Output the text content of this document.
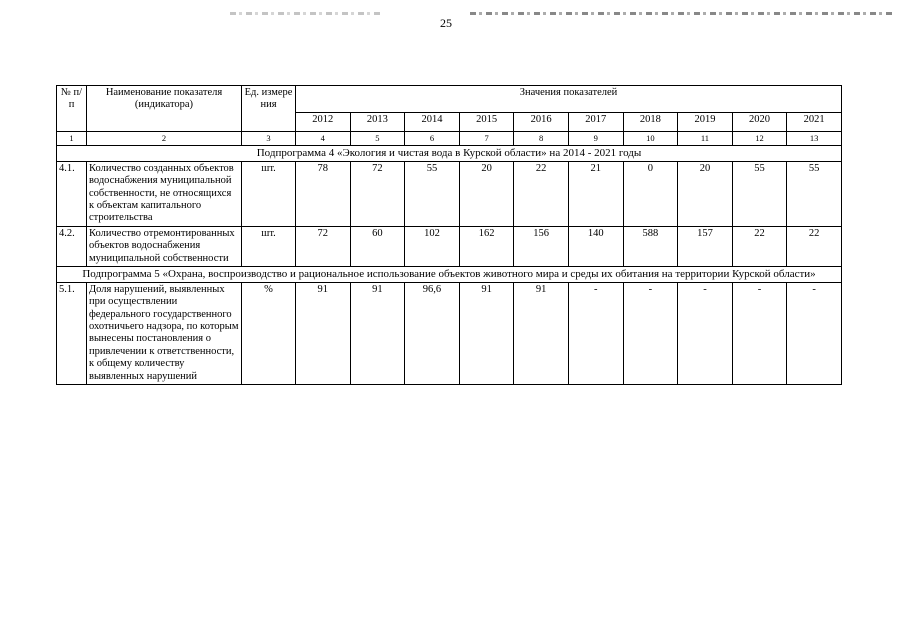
25
№ п/п	Наименование показателя (индикатора)	Ед. измере ния	Значения показателей									
			2012	2013	2014	2015	2016	2017	2018	2019	2020	2021
1	2	3	4	5	6	7	8	9	10	11	12	13
Подпрограмма 4 «Экология и чистая вода в Курской области» на 2014 - 2021 годы												
4.1.	Количество созданных объектов водоснабжения муниципальной собственности, не относящихся к объектам капитального строительства	шт.	78	72	55	20	22	21	0	20	55	55
4.2.	Количество отремонтированных объектов водоснабжения муниципальной собственности	шт.	72	60	102	162	156	140	588	157	22	22
Подпрограмма 5 «Охрана, воспроизводство и рациональное использование объектов животного мира и среды их обитания на территории Курской области»												
5.1.	Доля нарушений, выявленных при осуществлении федерального государственного охотничьего надзора, по которым вынесены постановления о привлечении к ответственности, к общему количеству выявленных нарушений	%	91	91	96,6	91	91	-	-	-	-	-
